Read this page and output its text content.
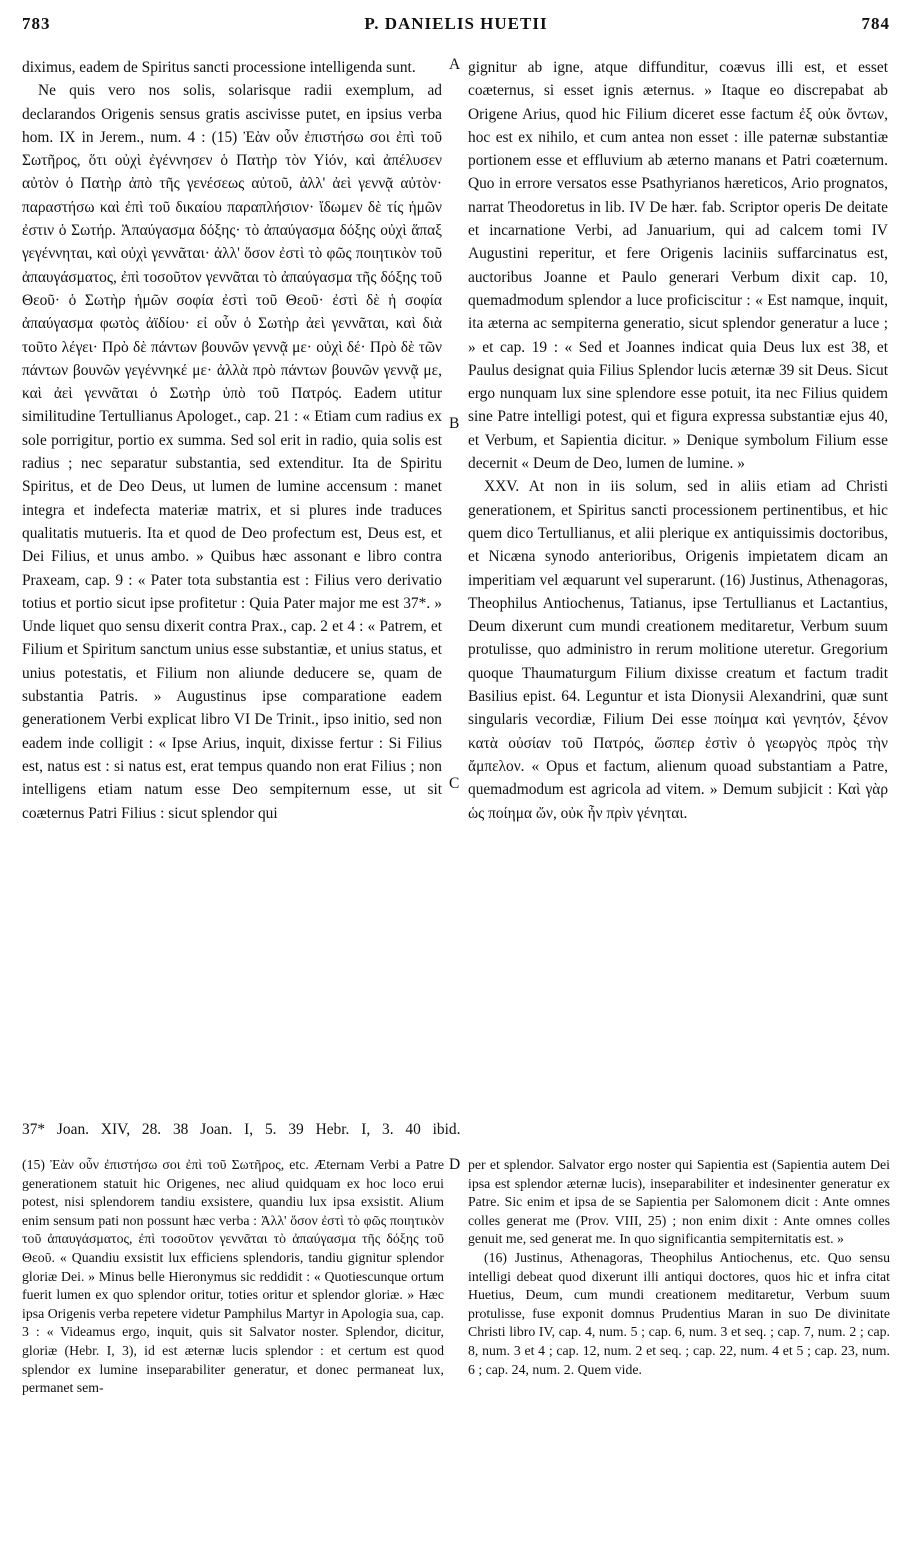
783	P. DANIELIS HUETII	784

diximus, eadem de Spiritus sancti processione intelligenda sunt.

Ne quis vero nos solis, solarisque radii exemplum, ad declarandos Origenis sensus gratis ascivisse putet, en ipsius verba hom. IX in Jerem., num. 4 : (15) Ἐὰν οὖν ἐπιστήσω σοι ἐπὶ τοῦ Σωτῆρος, ὅτι οὐχὶ ἐγέννησεν ὁ Πατὴρ τὸν Υἱόν, καὶ ἀπέλυσεν αὐτὸν ὁ Πατὴρ ἀπὸ τῆς γενέσεως αὐτοῦ, ἀλλ' ἀεὶ γεννᾷ αὐτὸν· παραστήσω καὶ ἐπὶ τοῦ δικαίου παραπλήσιον· ἴδωμεν δὲ τίς ἡμῶν ἐστιν ὁ Σωτήρ. Ἀπαύγασμα δόξης· τὸ ἀπαύγασμα δόξης οὐχὶ ἅπαξ γεγέννηται, καὶ οὐχὶ γεννᾶται· ἀλλ' ὅσον ἐστὶ τὸ φῶς ποιητικὸν τοῦ ἀπαυγάσματος, ἐπὶ τοσοῦτον γεννᾶται τὸ ἀπαύγασμα τῆς δόξης τοῦ Θεοῦ· ὁ Σωτὴρ ἡμῶν σοφία ἐστὶ τοῦ Θεοῦ· ἐστὶ δὲ ἡ σοφία ἀπαύγασμα φωτὸς ἀϊδίου· εἰ οὖν ὁ Σωτὴρ ἀεὶ γεννᾶται, καὶ διὰ τοῦτο λέγει· Πρὸ δὲ πάντων βουνῶν γεννᾷ με· οὐχὶ δέ· Πρὸ δὲ τῶν πάντων βουνῶν γεγέννηκέ με· ἀλλὰ πρὸ πάντων βουνῶν γεννᾷ με, καὶ ἀεὶ γεννᾶται ὁ Σωτὴρ ὑπὸ τοῦ Πατρός. Eadem utitur similitudine Tertullianus Apologet., cap. 21 : « Etiam cum radius ex sole porrigitur, portio ex summa. Sed sol erit in radio, quia solis est radius ; nec separatur substantia, sed extenditur. Ita de Spiritu Spiritus, et de Deo Deus, ut lumen de lumine accensum : manet integra et indefecta materiæ matrix, et si plures inde traduces qualitatis mutueris. Ita et quod de Deo profectum est, Deus est, et Dei Filius, et unus ambo. » Quibus hæc assonant e libro contra Praxeam, cap. 9 : « Pater tota substantia est : Filius vero derivatio totius et portio sicut ipse profitetur : Quia Pater major me est 37*. » Unde liquet quo sensu dixerit contra Prax., cap. 2 et 4 : « Patrem, et Filium et Spiritum sanctum unius esse substantiæ, et unius status, et unius potestatis, et Filium non aliunde deducere se, quam de substantia Patris. » Augustinus ipse comparatione eadem generationem Verbi explicat libro VI De Trinit., ipso initio, sed non eadem inde colligit : « Ipse Arius, inquit, dixisse fertur : Si Filius est, natus est : si natus est, erat tempus quando non erat Filius ; non intelligens etiam natum esse Deo sempiternum esse, ut sit coæternus Patri Filius : sicut splendor qui

A
B
C
D

gignitur ab igne, atque diffunditur, coævus illi est, et esset coæternus, si esset ignis æternus. » Itaque eo discrepabat ab Origene Arius, quod hic Filium diceret esse factum ἐξ οὐκ ὄντων, hoc est ex nihilo, et cum antea non esset : ille paternæ substantiæ portionem esse et effluvium ab æterno manans et Patri coæternum. Quo in errore versatos esse Psathyrianos hæreticos, Ario prognatos, narrat Theodoretus in lib. IV De hær. fab. Scriptor operis De deitate et incarnatione Verbi, ad Januarium, qui ad calcem tomi IV Augustini reperitur, et fere Origenis laciniis suffarcinatus est, auctoribus Joanne et Paulo generari Verbum dixit cap. 10, quemadmodum splendor a luce proficiscitur : « Est namque, inquit, ita æterna ac sempiterna generatio, sicut splendor generatur a luce ; » et cap. 19 : « Sed et Joannes indicat quia Deus lux est 38, et Paulus designat quia Filius Splendor lucis æternæ 39 sit Deus. Sicut ergo nunquam lux sine splendore esse potuit, ita nec Filius quidem sine Patre intelligi potest, qui et figura expressa substantiæ ejus 40, et Verbum, et Sapientia dicitur. » Denique symbolum Filium esse decernit « Deum de Deo, lumen de lumine. »

XXV. At non in iis solum, sed in aliis etiam ad Christi generationem, et Spiritus sancti processionem pertinentibus, et hic quem dico Tertullianus, et alii plerique ex antiquissimis doctoribus, et Nicæna synodo anterioribus, Origenis impietatem dicam an imperitiam vel æquarunt vel superarunt. (16) Justinus, Athenagoras, Theophilus Antiochenus, Tatianus, ipse Tertullianus et Lactantius, Deum dixerunt cum mundi creationem meditaretur, Verbum suum protulisse, quo administro in rerum molitione uteretur. Gregorium quoque Thaumaturgum Filium dixisse creatum et factum tradit Basilius epist. 64. Leguntur et ista Dionysii Alexandrini, quæ sunt singularis vecordiæ, Filium Dei esse ποίημα καὶ γενητόν, ξένον κατὰ οὐσίαν τοῦ Πατρός, ὥσπερ ἐστὶν ὁ γεωργὸς πρὸς τὴν ἄμπελον. « Opus et factum, alienum quoad substantiam a Patre, quemadmodum est agricola ad vitem. » Demum subjicit : Καὶ γὰρ ὡς ποίημα ὤν, οὐκ ἦν πρὶν γένηται.

37* Joan. XIV, 28. 38 Joan. I, 5. 39 Hebr. I, 3. 40 ibid.

(15) Ἐὰν οὖν ἐπιστήσω σοι ἐπὶ τοῦ Σωτῆρος, etc. Æternam Verbi a Patre generationem statuit hic Origenes, nec aliud quidquam ex hoc loco erui potest, nisi splendorem tandiu exsistere, quandiu lux ipsa exsistit. Alium enim sensum pati non possunt hæc verba : Ἀλλ' ὅσον ἐστὶ τὸ φῶς ποιητικὸν τοῦ ἀπαυγάσματος, ἐπὶ τοσοῦτον γεννᾶται τὸ ἀπαύγασμα τῆς δόξης τοῦ Θεοῦ. « Quandiu exsistit lux efficiens splendoris, tandiu gignitur splendor gloriæ Dei. » Minus belle Hieronymus sic reddidit : « Quotiescunque ortum fuerit lumen ex quo splendor oritur, toties oritur et splendor gloriæ. » Hæc ipsa Origenis verba repetere videtur Pamphilus Martyr in Apologia sua, cap. 3 : « Videamus ergo, inquit, quis sit Salvator noster. Splendor, dicitur, gloriæ (Hebr. I, 3), id est æternæ lucis splendor : et certum est quod splendor ex lumine inseparabiliter generatur, et donec permaneat lux, permanet sem-

per et splendor. Salvator ergo noster qui Sapientia est (Sapientia autem Dei ipsa est splendor æternæ lucis), inseparabiliter et indesinenter generatur ex Patre. Sic enim et ipsa de se Sapientia per Salomonem dicit : Ante omnes colles generat me (Prov. VIII, 25) ; non enim dixit : Ante omnes colles genuit me, sed generat me. In quo significantia sempiternitatis est. »

(16) Justinus, Athenagoras, Theophilus Antiochenus, etc. Quo sensu intelligi debeat quod dixerunt illi antiqui doctores, quos hic et infra citat Huetius, Deum, cum mundi creationem meditaretur, Verbum suum protulisse, fuse exponit domnus Prudentius Maran in suo De divinitate Christi libro IV, cap. 4, num. 5 ; cap. 6, num. 3 et seq. ; cap. 7, num. 2 ; cap. 8, num. 3 et 4 ; cap. 12, num. 2 et seq. ; cap. 22, num. 4 et 5 ; cap. 23, num. 6 ; cap. 24, num. 2. Quem vide.
